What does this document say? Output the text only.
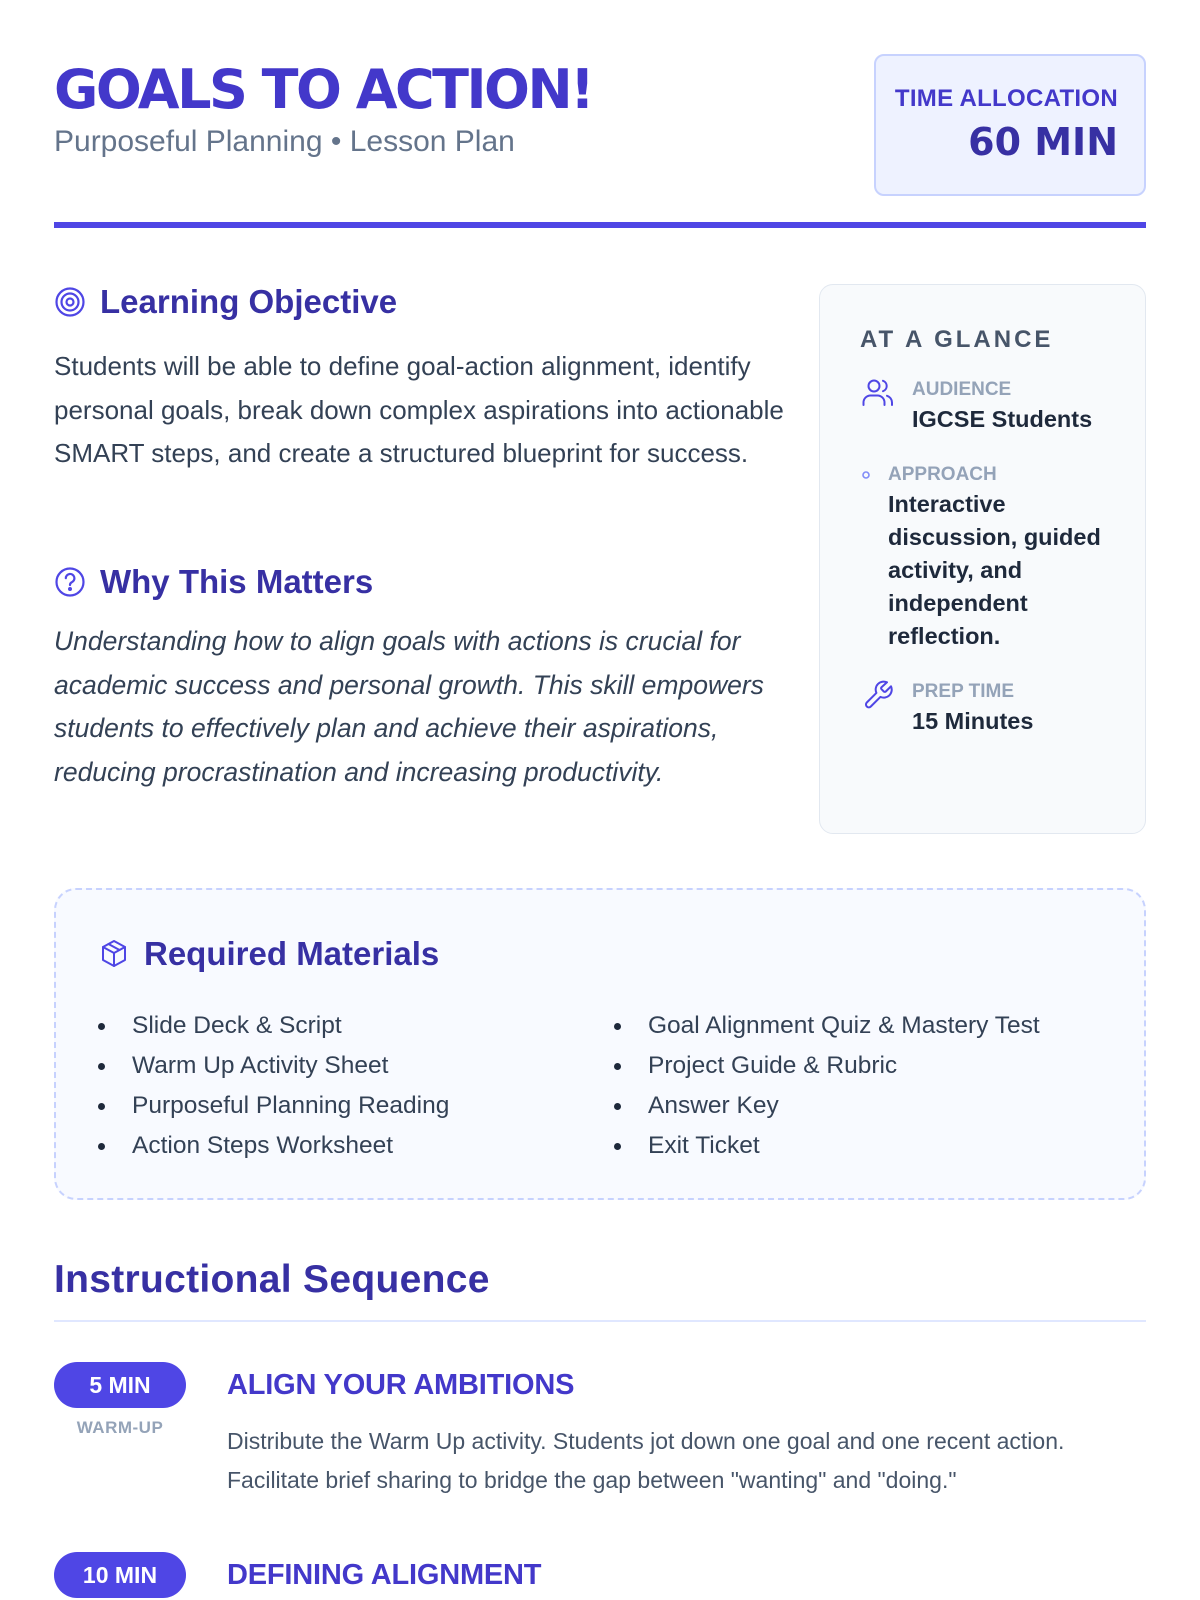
GOALS TO ACTION!
Purposeful Planning • Lesson Plan
TIME ALLOCATION
60 MIN
Learning Objective
Students will be able to define goal-action alignment, identify personal goals, break down complex aspirations into actionable SMART steps, and create a structured blueprint for success.
Why This Matters
Understanding how to align goals with actions is crucial for academic success and personal growth. This skill empowers students to effectively plan and achieve their aspirations, reducing procrastination and increasing productivity.
AT A GLANCE
AUDIENCE
IGCSE Students
APPROACH
Interactive discussion, guided activity, and independent reflection.
PREP TIME
15 Minutes
Required Materials
Slide Deck & Script
Warm Up Activity Sheet
Purposeful Planning Reading
Action Steps Worksheet
Goal Alignment Quiz & Mastery Test
Project Guide & Rubric
Answer Key
Exit Ticket
Instructional Sequence
5 MIN
WARM-UP
ALIGN YOUR AMBITIONS
Distribute the Warm Up activity. Students jot down one goal and one recent action. Facilitate brief sharing to bridge the gap between "wanting" and "doing."
10 MIN	DEFINING ALIGNMENT
